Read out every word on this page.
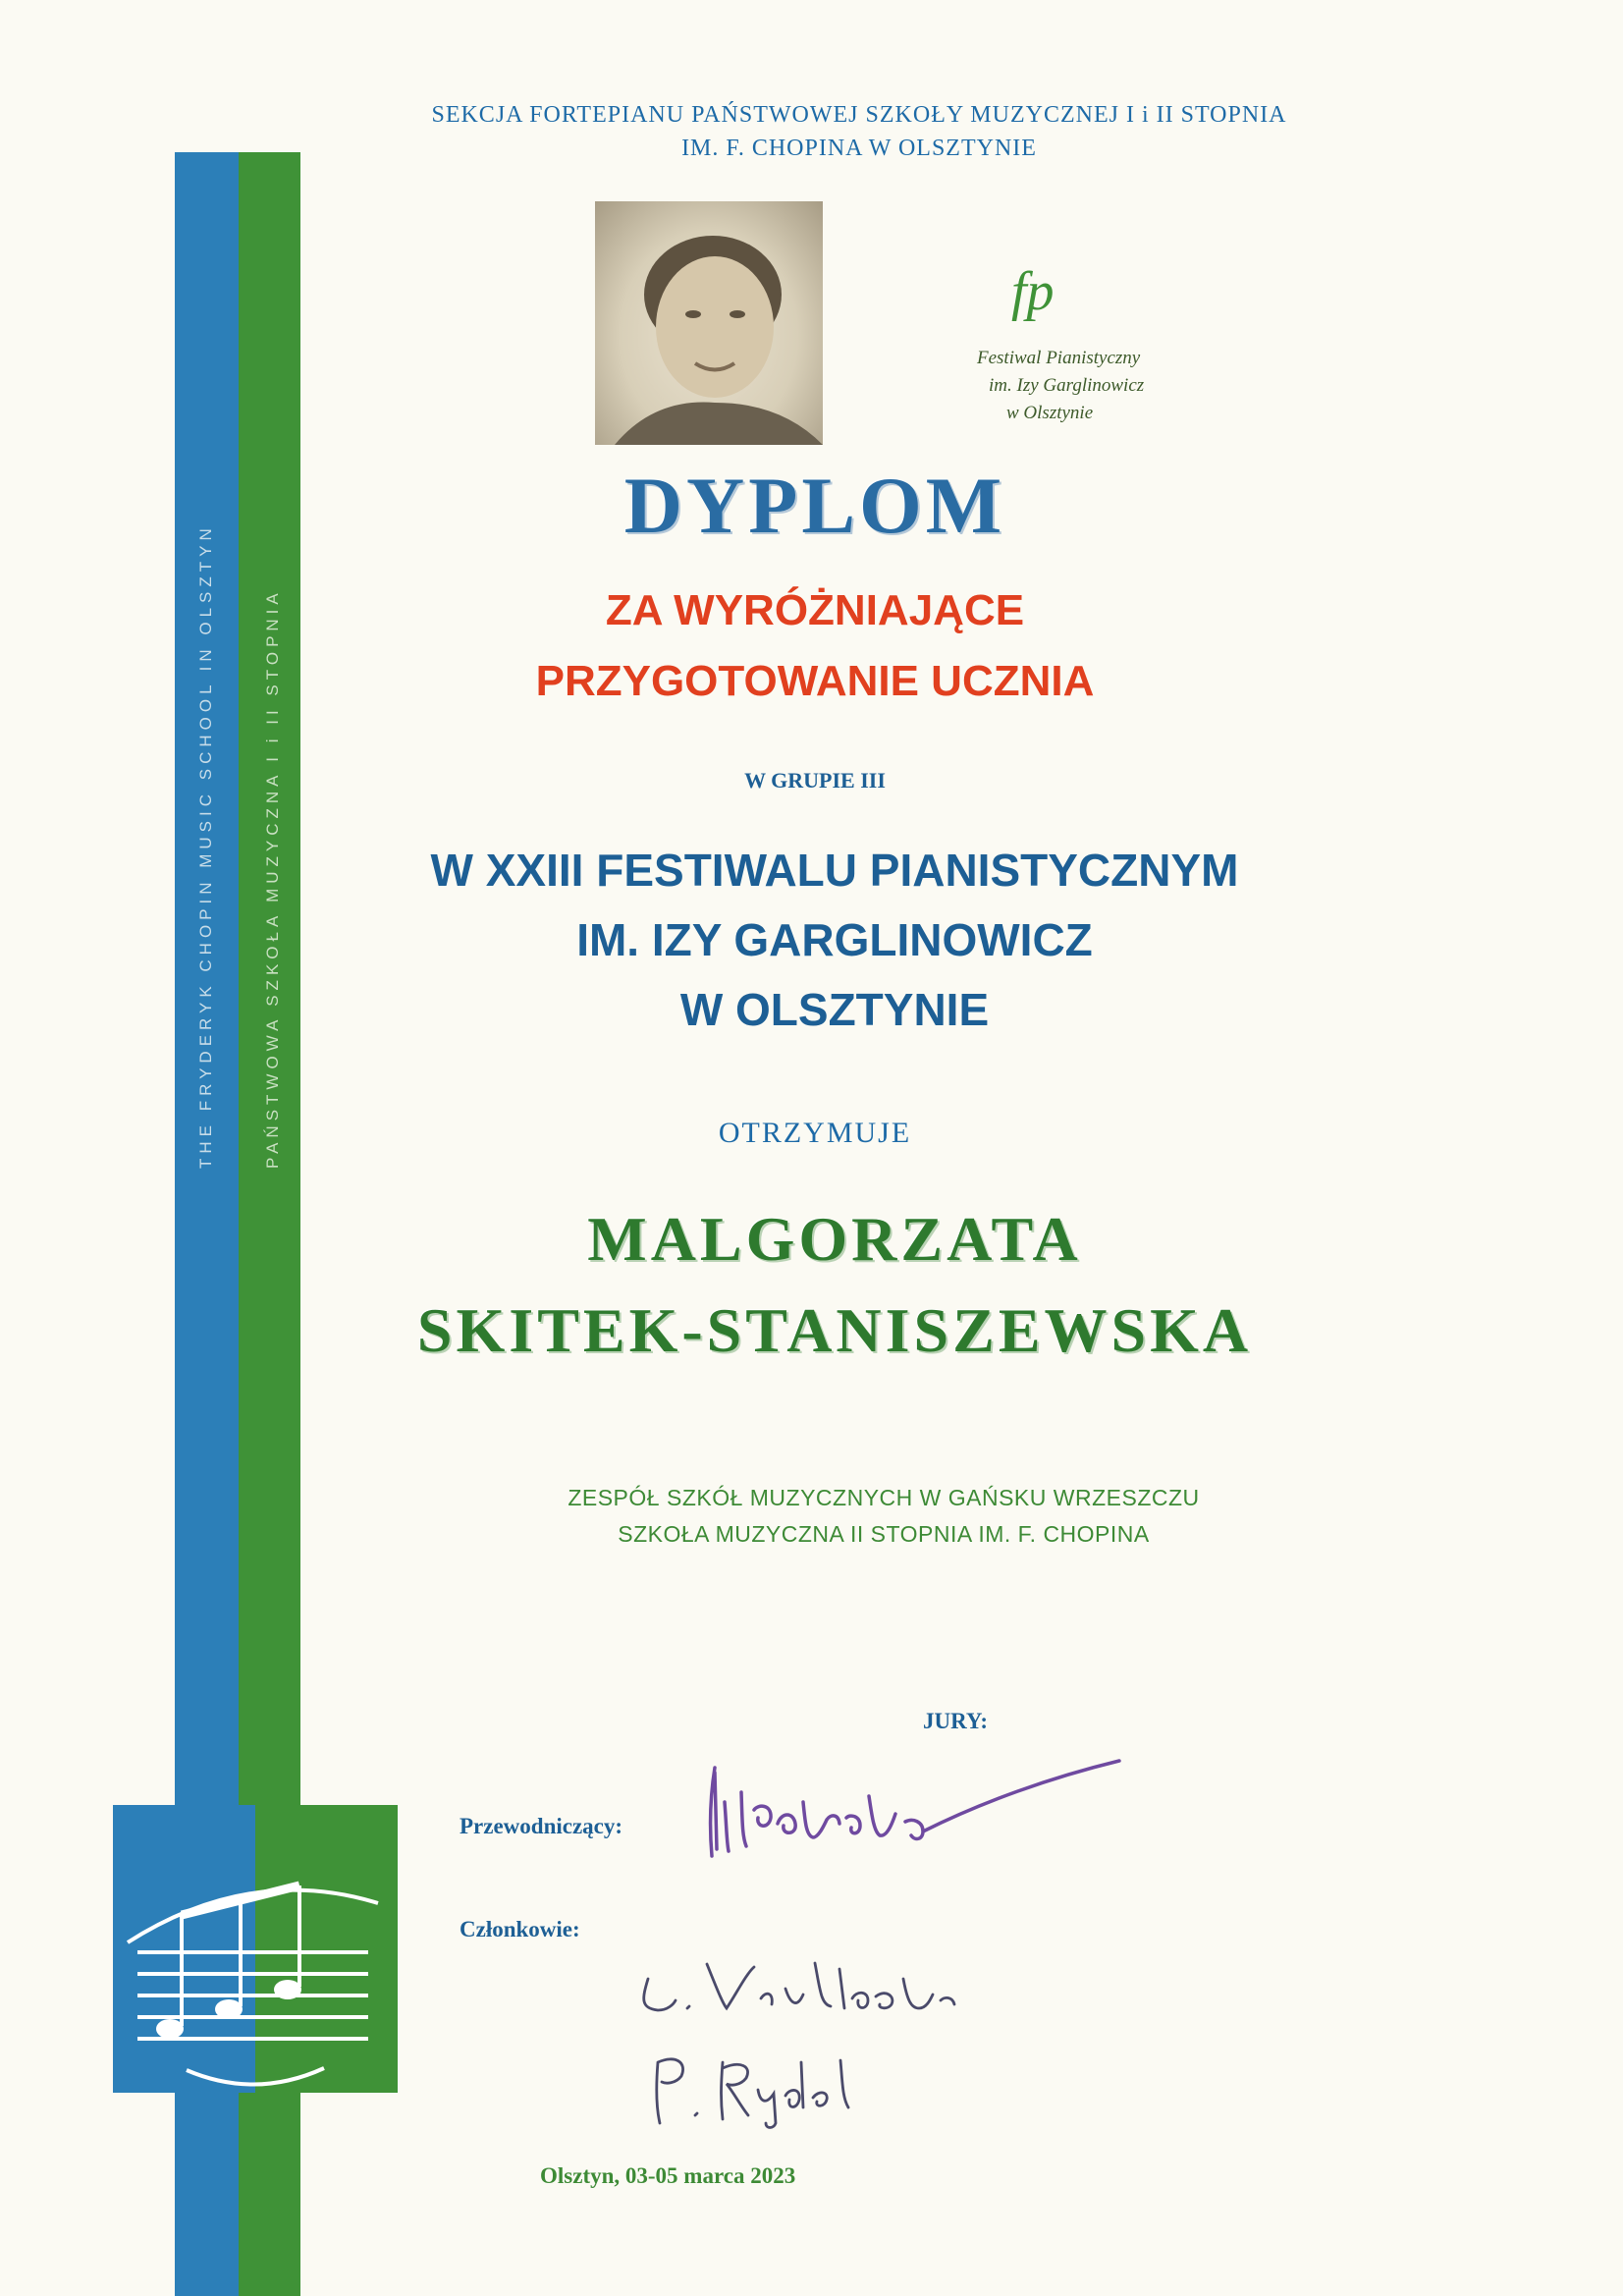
THE FRYDERYK CHOPIN MUSIC SCHOOL IN OLSZTYN	PAŃSTWOWA SZKOŁA MUZYCZNA I i II STOPNIA
SEKCJA FORTEPIANU PAŃSTWOWEJ SZKOŁY MUZYCZNEJ I i II STOPNIA
IM. F. CHOPINA W OLSZTYNIE
fp
Festiwal Pianistyczny
im. Izy Garglinowicz
w Olsztynie
DYPLOM
ZA WYRÓŻNIAJĄCE
PRZYGOTOWANIE UCZNIA
W GRUPIE III
W XXIII FESTIWALU PIANISTYCZNYM
IM. IZY GARGLINOWICZ
W OLSZTYNIE
OTRZYMUJE
MALGORZATA
SKITEK-STANISZEWSKA
ZESPÓŁ SZKÓŁ MUZYCZNYCH W GAŃSKU WRZESZCZU
SZKOŁA MUZYCZNA II STOPNIA IM. F. CHOPINA
JURY:
Przewodniczący:
Członkowie:
Olsztyn, 03-05 marca 2023
